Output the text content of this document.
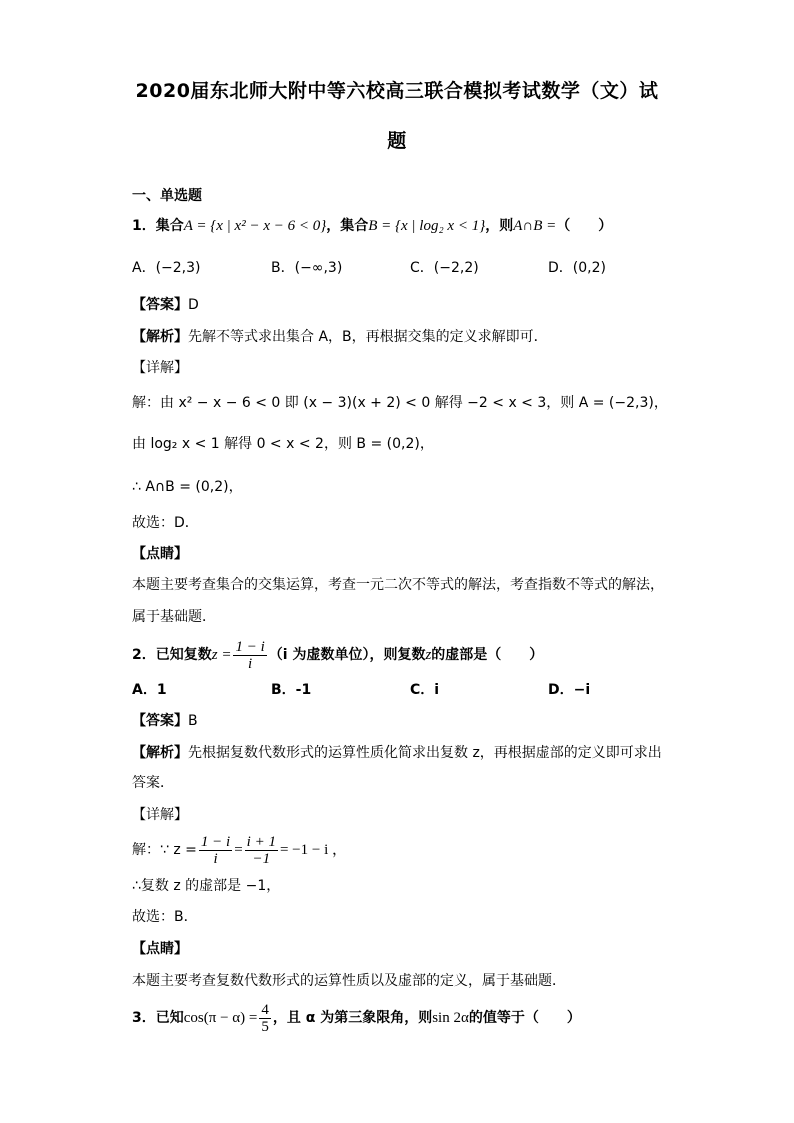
2020届东北师大附中等六校高三联合模拟考试数学（文）试
题
一、单选题
1．集合A = {x | x² − x − 6 < 0}，集合B = {x | log₂ x < 1}，则A∩B =（　　）
A．(−2,3)	B．(−∞,3)	C．(−2,2)	D．(0,2)
【答案】D
【解析】先解不等式求出集合 A，B，再根据交集的定义求解即可．
【详解】
解：由 x² − x − 6 < 0 即 (x − 3)(x + 2) < 0 解得 −2 < x < 3，则 A = (−2,3)，
由 log₂ x < 1 解得 0 < x < 2，则 B = (0,2)，
∴ A∩B = (0,2)，
故选：D．
【点睛】
本题主要考查集合的交集运算，考查一元二次不等式的解法，考查指数不等式的解法，
属于基础题．
2．已知复数$z = \frac{1 - i}{i} (i$ 为虚数单位），则复数z的虚部是（　　）
A．1	B．-1	C．i	D．−i
【答案】B
【解析】先根据复数代数形式的运算性质化简求出复数 z，再根据虚部的定义即可求出
答案．
【详解】
解：∵ $z = \frac{1 - i}{i} = \frac{i + 1}{-1} = -1 - i$ ，
∴复数 z 的虚部是 −1，
故选：B．
【点睛】
本题主要考查复数代数形式的运算性质以及虚部的定义，属于基础题．
3．已知$\cos(\pi - \alpha) = \frac{4}{5}$ ，且 α 为第三象限角，则sin 2α的值等于（　　）
